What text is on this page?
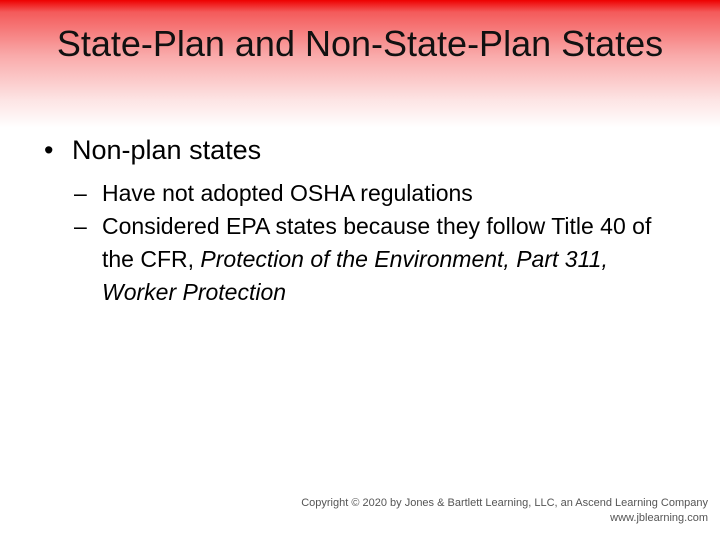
State-Plan and Non-State-Plan States
• Non-plan states
– Have not adopted OSHA regulations
– Considered EPA states because they follow Title 40 of the CFR, Protection of the Environment, Part 311, Worker Protection
Copyright © 2020 by Jones & Bartlett Learning, LLC, an Ascend Learning Company
www.jblearning.com
